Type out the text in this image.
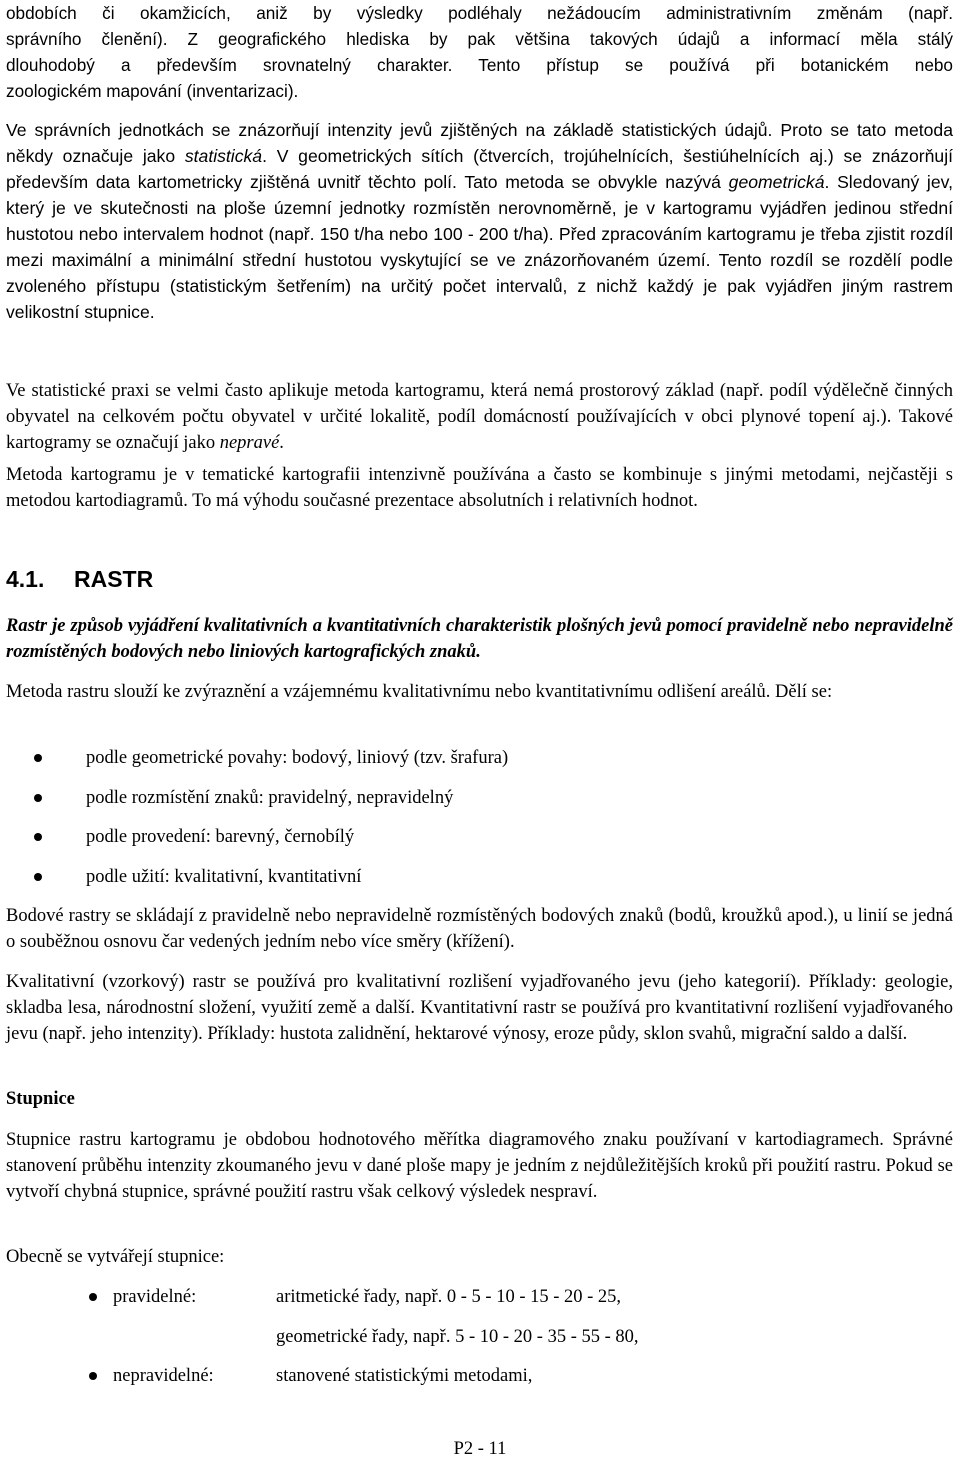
obdobích či okamžicích, aniž by výsledky podléhaly nežádoucím administrativním změnám (např.
správního členění). Z geografického hlediska by pak většina takových údajů a informací měla stálý
dlouhodobý a především srovnatelný charakter. Tento přístup se používá při botanickém nebo
zoologickém mapování (inventarizaci).

Ve správních jednotkách se znázorňují intenzity jevů zjištěných na základě statistických údajů. Proto se tato metoda někdy označuje jako statistická. V geometrických sítích (čtvercích, trojúhelnících, šestiúhelnících aj.) se znázorňují především data kartometricky zjištěná uvnitř těchto polí. Tato metoda se obvykle nazývá geometrická. Sledovaný jev, který je ve skutečnosti na ploše územní jednotky rozmístěn nerovnoměrně, je v kartogramu vyjádřen jedinou střední hustotou nebo intervalem hodnot (např. 150 t/ha nebo 100 - 200 t/ha). Před zpracováním kartogramu je třeba zjistit rozdíl mezi maximální a minimální střední hustotou vyskytující se ve znázorňovaném území. Tento rozdíl se rozdělí podle zvoleného přístupu (statistickým šetřením) na určitý počet intervalů, z nichž každý je pak vyjádřen jiným rastrem velikostní stupnice.

Ve statistické praxi se velmi často aplikuje metoda kartogramu, která nemá prostorový základ (např. podíl výdělečně činných obyvatel na celkovém počtu obyvatel v určité lokalitě, podíl domácností používajících v obci plynové topení aj.). Takové kartogramy se označují jako nepravé.

Metoda kartogramu je v tematické kartografii intenzivně používána a často se kombinuje s jinými metodami, nejčastěji s metodou kartodiagramů. To má výhodu současné prezentace absolutních i relativních hodnot.

4.1.	RASTR

Rastr je způsob vyjádření kvalitativních a kvantitativních charakteristik plošných jevů pomocí pravidelně nebo nepravidelně rozmístěných bodových nebo liniových kartografických znaků.

Metoda rastru slouží ke zvýraznění a vzájemnému kvalitativnímu nebo kvantitativnímu odlišení areálů. Dělí se:

podle geometrické povahy: bodový, liniový (tzv. šrafura)
podle rozmístění znaků: pravidelný, nepravidelný
podle provedení: barevný, černobílý
podle užití: kvalitativní, kvantitativní

Bodové rastry se skládají z pravidelně nebo nepravidelně rozmístěných bodových znaků (bodů, kroužků apod.), u linií se jedná o souběžnou osnovu čar vedených jedním nebo více směry (křížení).

Kvalitativní (vzorkový) rastr se používá pro kvalitativní rozlišení vyjadřovaného jevu (jeho kategorií). Příklady: geologie, skladba lesa, národnostní složení, využití země a další. Kvantitativní rastr se používá pro kvantitativní rozlišení vyjadřovaného jevu (např. jeho intenzity). Příklady: hustota zalidnění, hektarové výnosy, eroze půdy, sklon svahů, migrační saldo a další.

Stupnice

Stupnice rastru kartogramu je obdobou hodnotového měřítka diagramového znaku používaní v kartodiagramech. Správné stanovení průběhu intenzity zkoumaného jevu v dané ploše mapy je jedním z nejdůležitějších kroků při použití rastru. Pokud se vytvoří chybná stupnice, správné použití rastru však celkový výsledek nespraví.

Obecně se vytvářejí stupnice:

pravidelné:	aritmetické řady, např. 0 - 5 - 10 - 15 - 20 - 25,
geometrické řady, např. 5 - 10 - 20 - 35 - 55 - 80,
nepravidelné:	stanovené statistickými metodami,
P2 - 11
